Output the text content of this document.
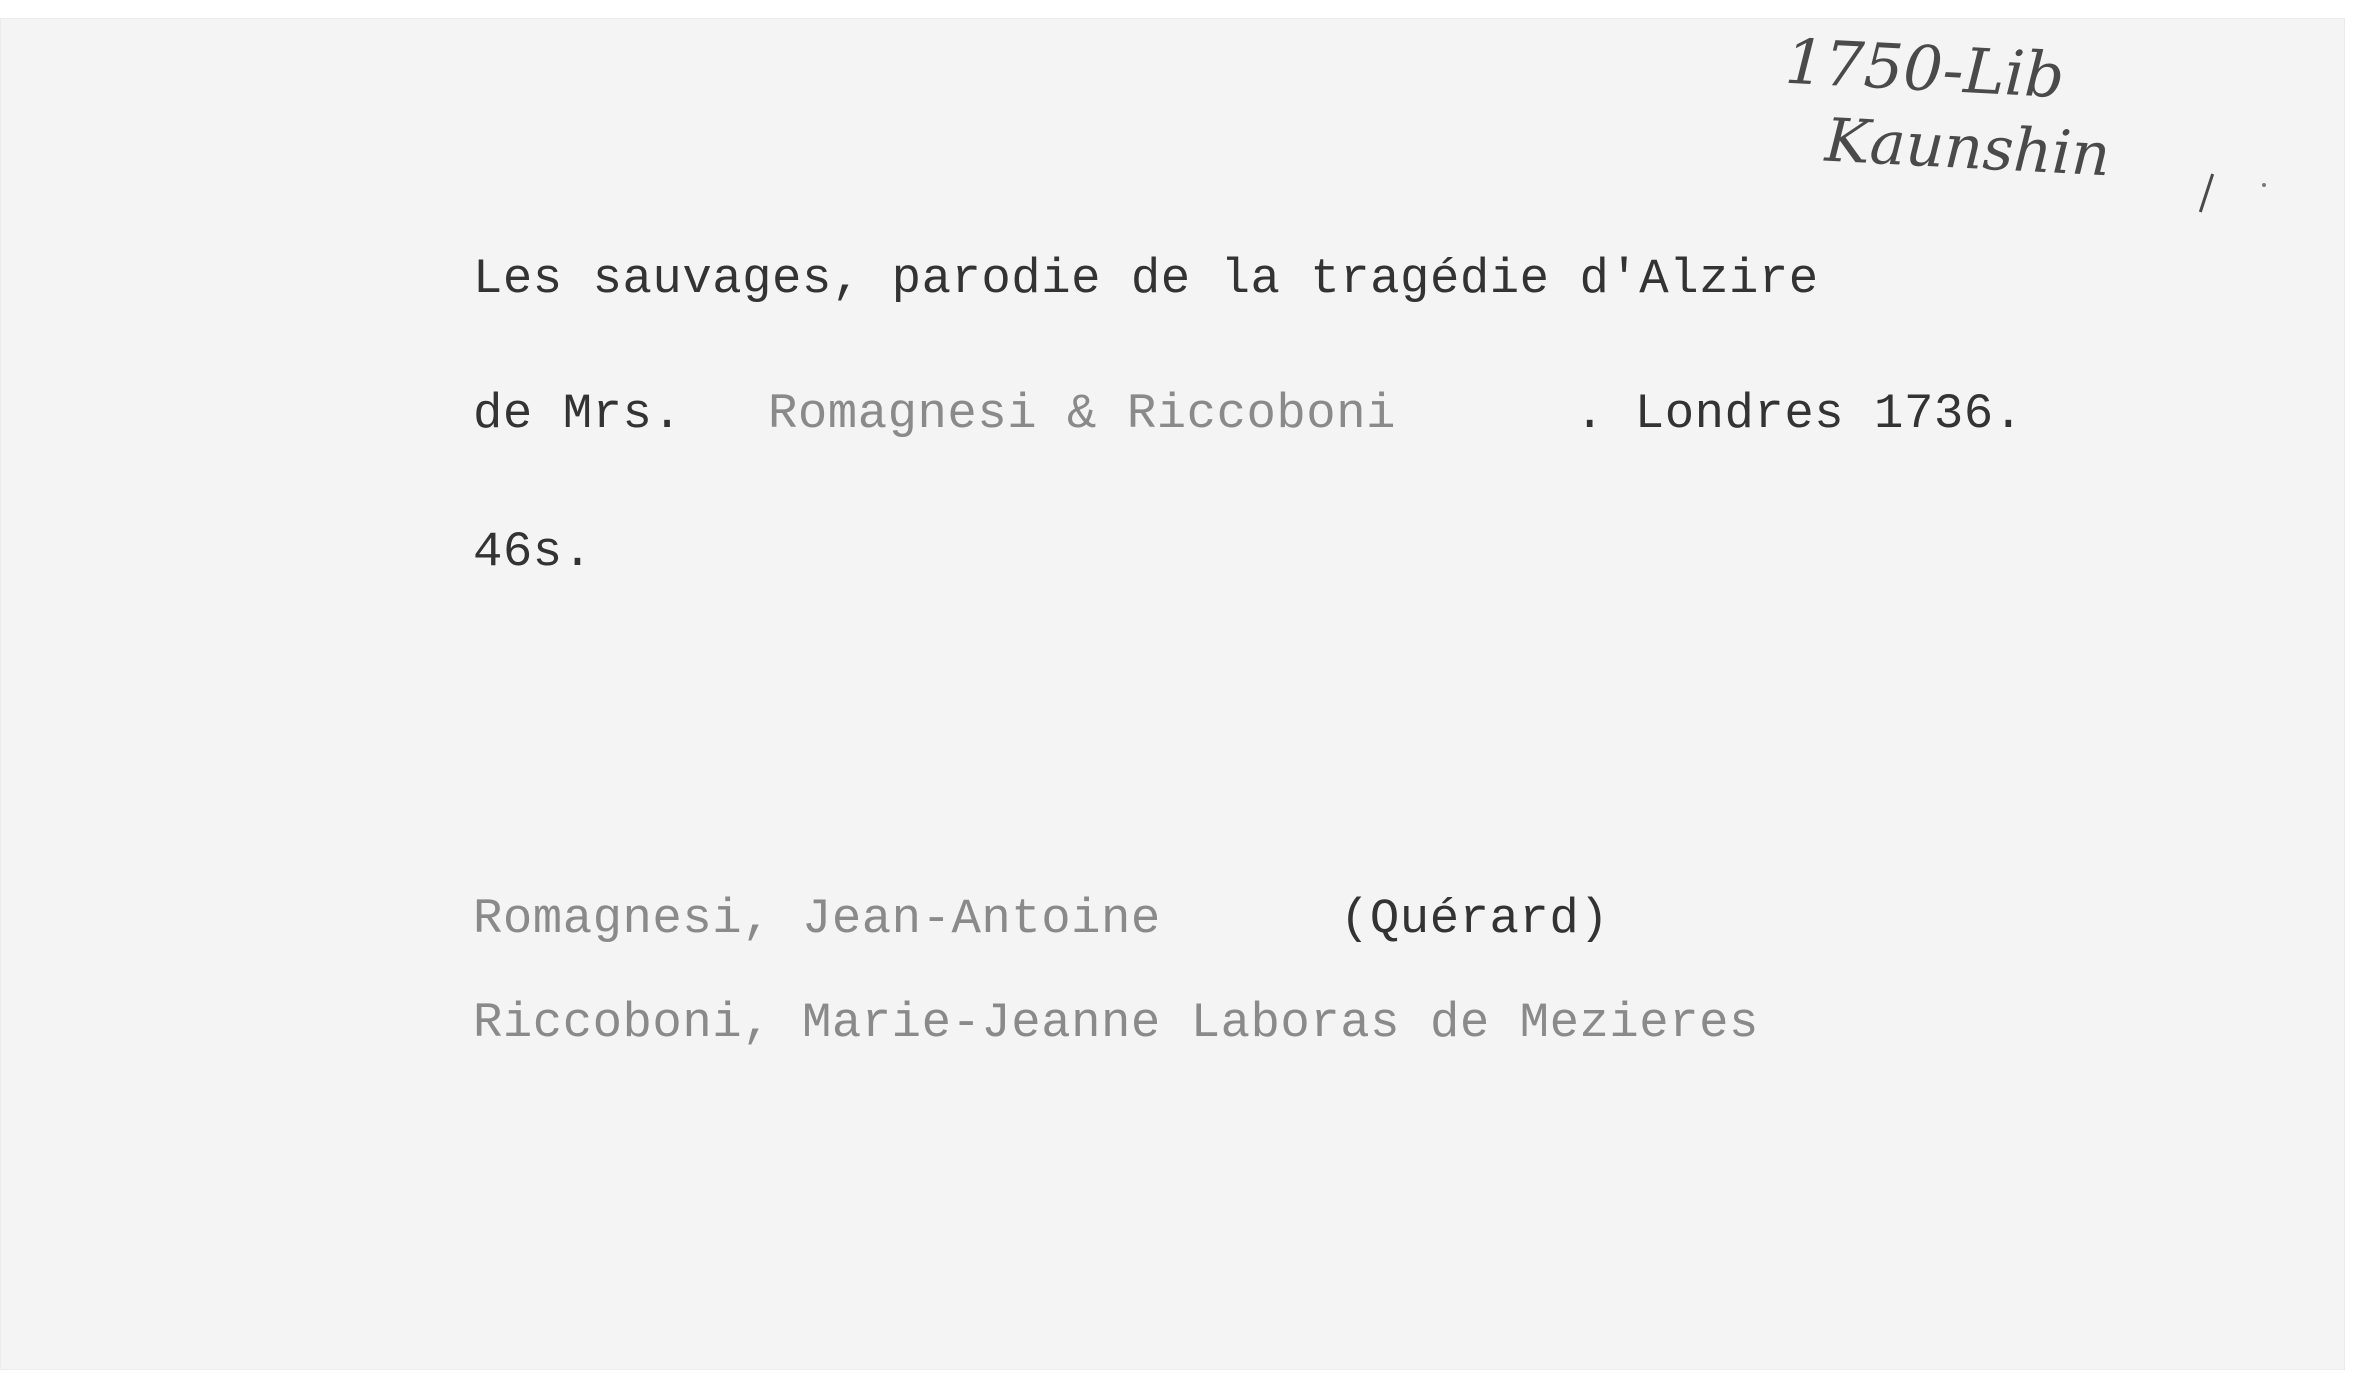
1750-Lib
Kaunshin
Les sauvages, parodie de la tragédie d'Alzire
de Mrs. Romagnesi & Riccoboni	. Londres 1736.
46s.
Romagnesi, Jean-Antoine	(Quérard)
Riccoboni, Marie-Jeanne Laboras de Mezieres
